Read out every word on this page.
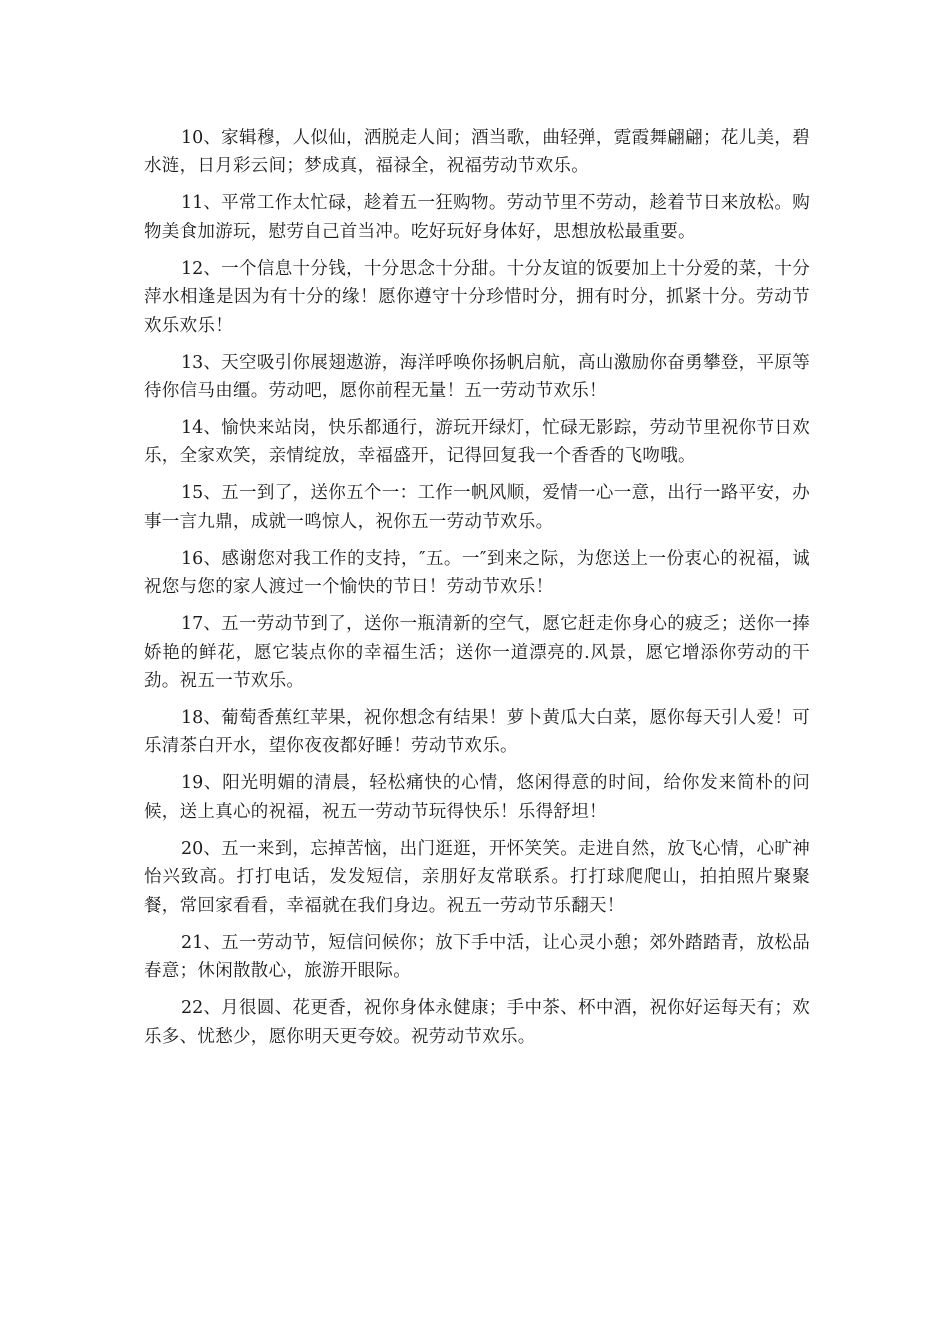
10、家辑穆，人似仙，洒脱走人间；酒当歌，曲轻弹，霓霞舞翩翩；花儿美，碧水涟，日月彩云间；梦成真，福禄全，祝福劳动节欢乐。

11、平常工作太忙碌，趁着五一狂购物。劳动节里不劳动，趁着节日来放松。购物美食加游玩，慰劳自己首当冲。吃好玩好身体好，思想放松最重要。

12、一个信息十分钱，十分思念十分甜。十分友谊的饭要加上十分爱的菜，十分萍水相逢是因为有十分的缘！愿你遵守十分珍惜时分，拥有时分，抓紧十分。劳动节欢乐欢乐！

13、天空吸引你展翅遨游，海洋呼唤你扬帆启航，高山激励你奋勇攀登，平原等待你信马由缰。劳动吧，愿你前程无量！五一劳动节欢乐！

14、愉快来站岗，快乐都通行，游玩开绿灯，忙碌无影踪，劳动节里祝你节日欢乐，全家欢笑，亲情绽放，幸福盛开，记得回复我一个香香的飞吻哦。

15、五一到了，送你五个一：工作一帆风顺，爱情一心一意，出行一路平安，办事一言九鼎，成就一鸣惊人，祝你五一劳动节欢乐。

16、感谢您对我工作的支持，″五。一″到来之际，为您送上一份衷心的祝福，诚祝您与您的家人渡过一个愉快的节日！劳动节欢乐！

17、五一劳动节到了，送你一瓶清新的空气，愿它赶走你身心的疲乏；送你一捧娇艳的鲜花，愿它装点你的幸福生活；送你一道漂亮的.风景，愿它增添你劳动的干劲。祝五一节欢乐。

18、葡萄香蕉红苹果，祝你想念有结果！萝卜黄瓜大白菜，愿你每天引人爱！可乐清茶白开水，望你夜夜都好睡！劳动节欢乐。

19、阳光明媚的清晨，轻松痛快的心情，悠闲得意的时间，给你发来简朴的问候，送上真心的祝福，祝五一劳动节玩得快乐！乐得舒坦！

20、五一来到，忘掉苦恼，出门逛逛，开怀笑笑。走进自然，放飞心情，心旷神怡兴致高。打打电话，发发短信，亲朋好友常联系。打打球爬爬山，拍拍照片聚聚餐，常回家看看，幸福就在我们身边。祝五一劳动节乐翻天！

21、五一劳动节，短信问候你；放下手中活，让心灵小憩；郊外踏踏青，放松品春意；休闲散散心，旅游开眼际。

22、月很圆、花更香，祝你身体永健康；手中茶、杯中酒，祝你好运每天有；欢乐多、忧愁少，愿你明天更夸姣。祝劳动节欢乐。
